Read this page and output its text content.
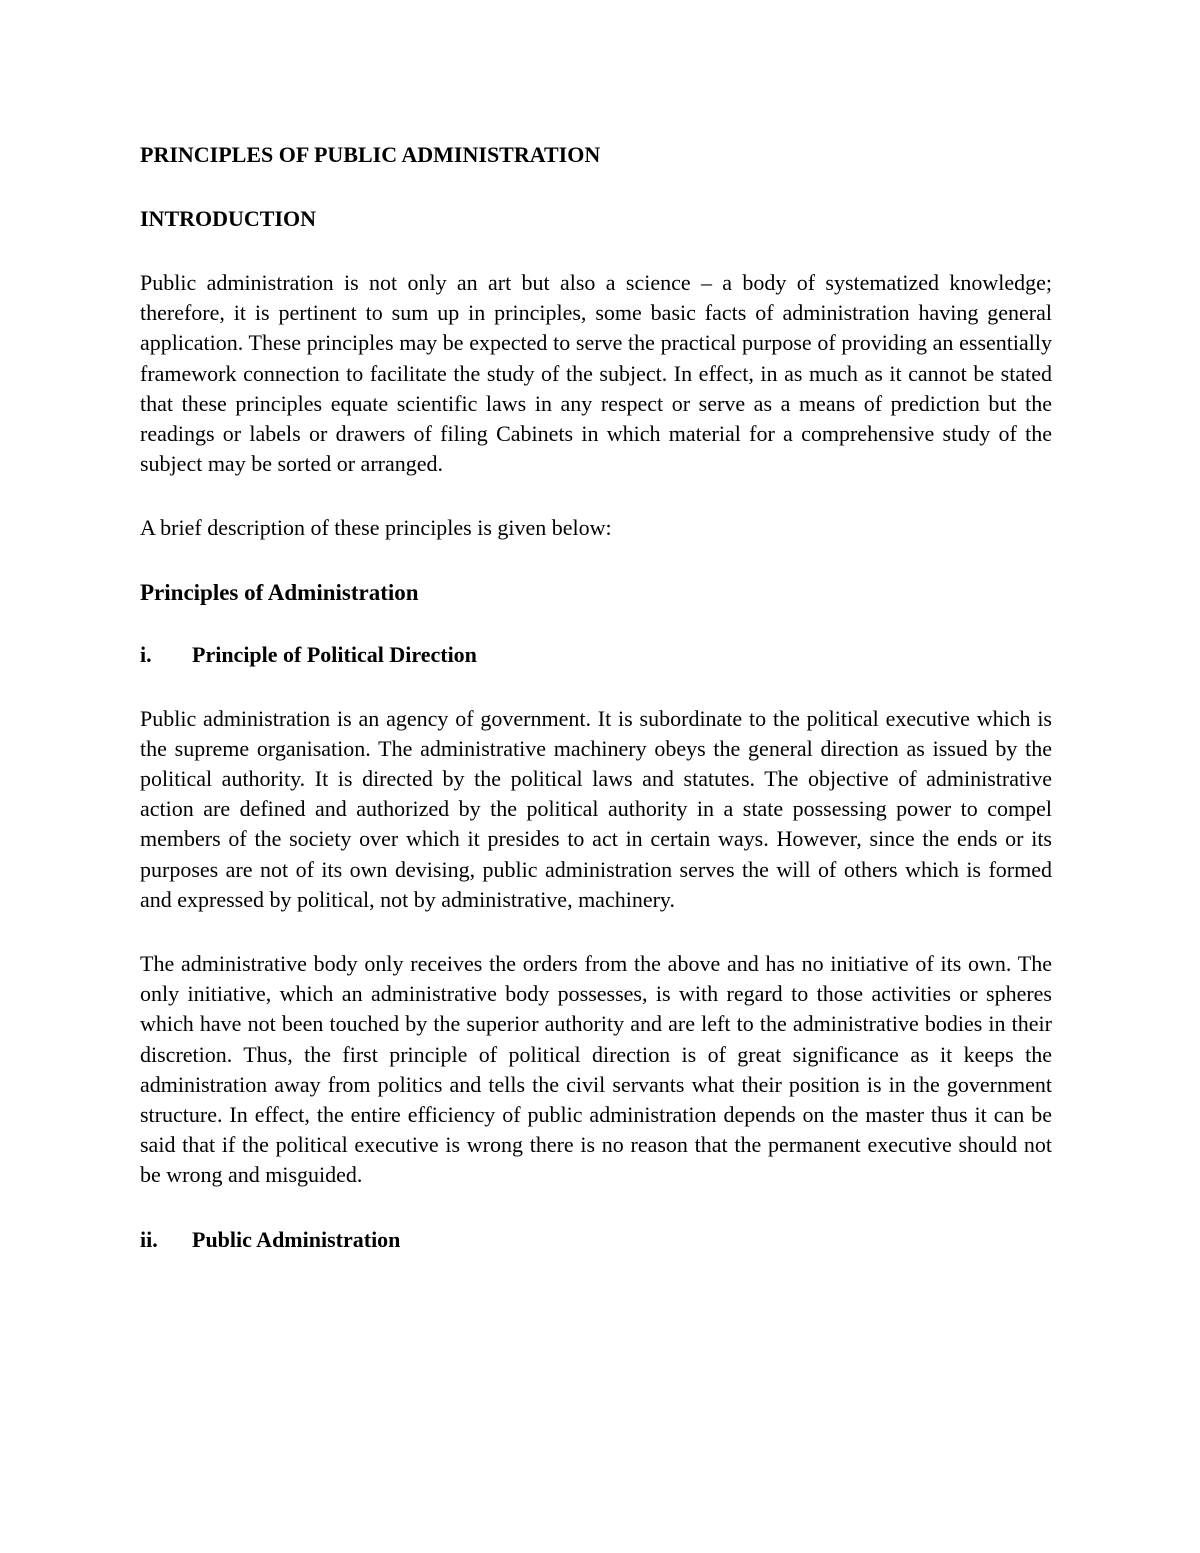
PRINCIPLES OF PUBLIC ADMINISTRATION
INTRODUCTION

Public administration is not only an art but also a science – a body of systematized knowledge; therefore, it is pertinent to sum up in principles, some basic facts of administration having general application. These principles may be expected to serve the practical purpose of providing an essentially framework connection to facilitate the study of the subject. In effect, in as much as it cannot be stated that these principles equate scientific laws in any respect or serve as a means of prediction but the readings or labels or drawers of filing Cabinets in which material for a comprehensive study of the subject may be sorted or arranged.

A brief description of these principles is given below:

Principles of Administration
i.	Principle of Political Direction

Public administration is an agency of government. It is subordinate to the political executive which is the supreme organisation. The administrative machinery obeys the general direction as issued by the political authority. It is directed by the political laws and statutes. The objective of administrative action are defined and authorized by the political authority in a state possessing power to compel members of the society over which it presides to act in certain ways. However, since the ends or its purposes are not of its own devising, public administration serves the will of others which is formed and expressed by political, not by administrative, machinery.

The administrative body only receives the orders from the above and has no initiative of its own. The only initiative, which an administrative body possesses, is with regard to those activities or spheres which have not been touched by the superior authority and are left to the administrative bodies in their discretion. Thus, the first principle of political direction is of great significance as it keeps the administration away from politics and tells the civil servants what their position is in the government structure. In effect, the entire efficiency of public administration depends on the master thus it can be said that if the political executive is wrong there is no reason that the permanent executive should not be wrong and misguided.

ii.	Public Administration
